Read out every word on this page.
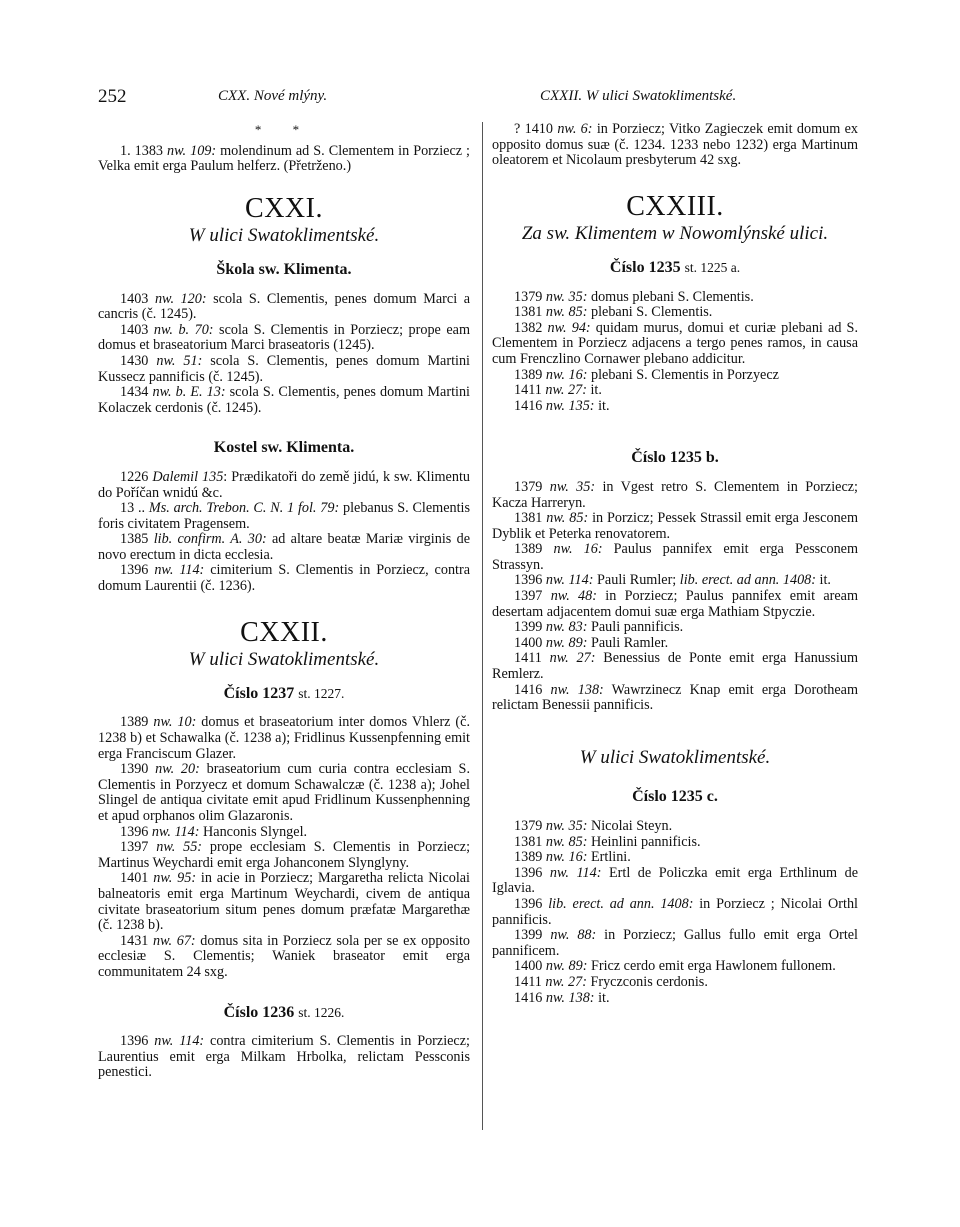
252	CXX. Nové mlýny.	CXXII. W ulici Swatoklimentské.
* *

1. 1383 nw. 109: molendinum ad S. Clementem in Porziecz ; Velka emit erga Paulum helferz. (Přetrženo.)

CXXI.
W ulici Swatoklimentské.
Škola sw. Klimenta.

1403 nw. 120: scola S. Clementis, penes domum Marci a cancris (č. 1245).

1403 nw. b. 70: scola S. Clementis in Porziecz; prope eam domus et braseatorium Marci braseatoris (1245).

1430 nw. 51: scola S. Clementis, penes domum Martini Kussecz pannificis (č. 1245).

1434 nw. b. E. 13: scola S. Clementis, penes domum Martini Kolaczek cerdonis (č. 1245).

Kostel sw. Klimenta.

1226 Dalemil 135: Prædikatoři do země jidú, k sw. Klimentu do Poříčan wnidú &c.

13 .. Ms. arch. Trebon. C. N. 1 fol. 79: plebanus S. Clementis foris civitatem Pragensem.

1385 lib. confirm. A. 30: ad altare beatæ Mariæ virginis de novo erectum in dicta ecclesia.

1396 nw. 114: cimiterium S. Clementis in Porziecz, contra domum Laurentii (č. 1236).

CXXII.
W ulici Swatoklimentské.
Číslo 1237 st. 1227.

1389 nw. 10: domus et braseatorium inter domos Vhlerz (č. 1238 b) et Schawalka (č. 1238 a); Fridlinus Kussenpfenning emit erga Franciscum Glazer.

1390 nw. 20: braseatorium cum curia contra ecclesiam S. Clementis in Porzyecz et domum Schawalczæ (č. 1238 a); Johel Slingel de antiqua civitate emit apud Fridlinum Kussenphenning et apud orphanos olim Glazaronis.

1396 nw. 114: Hanconis Slyngel.

1397 nw. 55: prope ecclesiam S. Clementis in Porziecz; Martinus Weychardi emit erga Johanconem Slynglyny.

1401 nw. 95: in acie in Porziecz; Margaretha relicta Nicolai balneatoris emit erga Martinum Weychardi, civem de antiqua civitate braseatorium situm penes domum præfatæ Margarethæ (č. 1238 b).

1431 nw. 67: domus sita in Porziecz sola per se ex opposito ecclesiæ S. Clementis; Waniek braseator emit erga communitatem 24 sxg.

Číslo 1236 st. 1226.

1396 nw. 114: contra cimiterium S. Clementis in Porziecz; Laurentius emit erga Milkam Hrbolka, relictam Pessconis penestici.

? 1410 nw. 6: in Porziecz; Vitko Zagieczek emit domum ex opposito domus suæ (č. 1234. 1233 nebo 1232) erga Martinum oleatorem et Nicolaum presbyterum 42 sxg.

CXXIII.
Za sw. Klimentem w Nowomlýnské ulici.
Číslo 1235 st. 1225 a.

1379 nw. 35: domus plebani S. Clementis.

1381 nw. 85: plebani S. Clementis.

1382 nw. 94: quidam murus, domui et curiæ plebani ad S. Clementem in Porziecz adjacens a tergo penes ramos, in causa cum Frenczlino Cornawer plebano addicitur.

1389 nw. 16: plebani S. Clementis in Porzyecz

1411 nw. 27: it.

1416 nw. 135: it.

Číslo 1235 b.

1379 nw. 35: in Vgest retro S. Clementem in Porziecz; Kacza Harreryn.

1381 nw. 85: in Porzicz; Pessek Strassil emit erga Jesconem Dyblik et Peterka renovatorem.

1389 nw. 16: Paulus pannifex emit erga Pessconem Strassyn.

1396 nw. 114: Pauli Rumler; lib. erect. ad ann. 1408: it.

1397 nw. 48: in Porziecz; Paulus pannifex emit aream desertam adjacentem domui suæ erga Mathiam Stpyczie.

1399 nw. 83: Pauli pannificis.

1400 nw. 89: Pauli Ramler.

1411 nw. 27: Benessius de Ponte emit erga Hanussium Remlerz.

1416 nw. 138: Wawrzinecz Knap emit erga Dorotheam relictam Benessii pannificis.

W ulici Swatoklimentské.
Číslo 1235 c.

1379 nw. 35: Nicolai Steyn.

1381 nw. 85: Heinlini pannificis.

1389 nw. 16: Ertlini.

1396 nw. 114: Ertl de Policzka emit erga Erthlinum de Iglavia.

1396 lib. erect. ad ann. 1408: in Porziecz ; Nicolai Orthl pannificis.

1399 nw. 88: in Porziecz; Gallus fullo emit erga Ortel pannificem.

1400 nw. 89: Fricz cerdo emit erga Hawlonem fullonem.

1411 nw. 27: Fryczconis cerdonis.

1416 nw. 138: it.
